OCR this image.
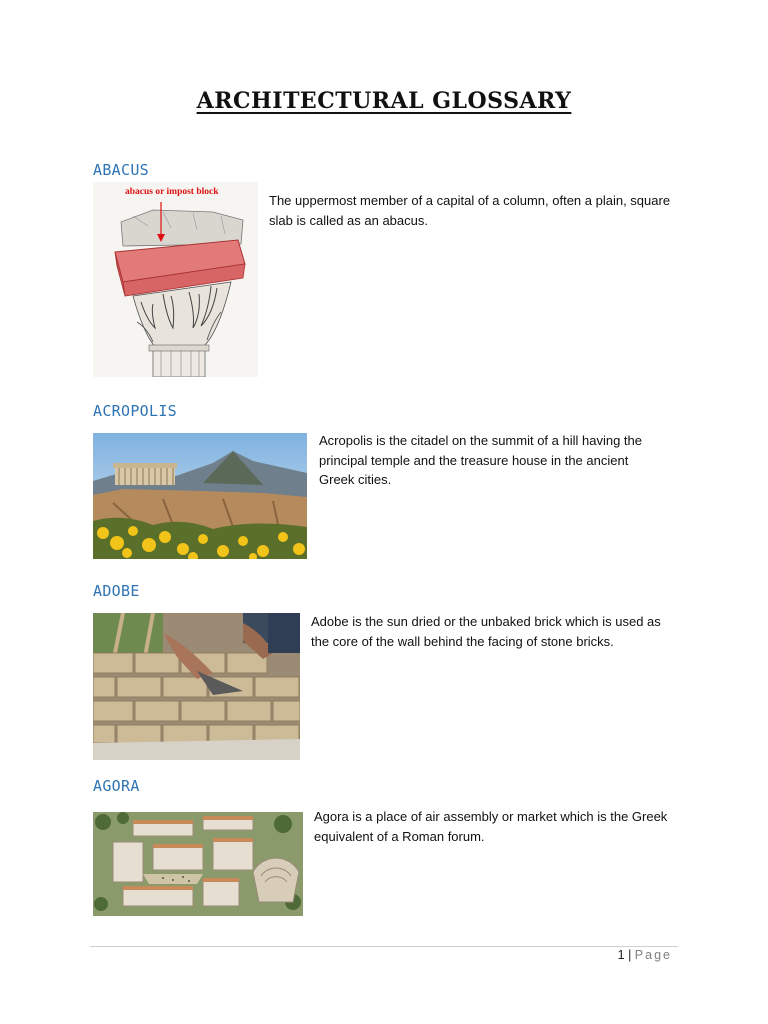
ARCHITECTURAL GLOSSARY
ABACUS
abacus or impost block
The uppermost member of a capital of a column, often a plain, square slab is called as an abacus.
ACROPOLIS
Acropolis is the citadel on the summit of a hill having the principal temple and the treasure house in the ancient Greek cities.
ADOBE
Adobe is the sun dried or the unbaked brick which is used as the core of the wall behind the facing of stone bricks.
AGORA
Agora is a place of air assembly or market which is the Greek equivalent of a Roman forum.
1 | Page
